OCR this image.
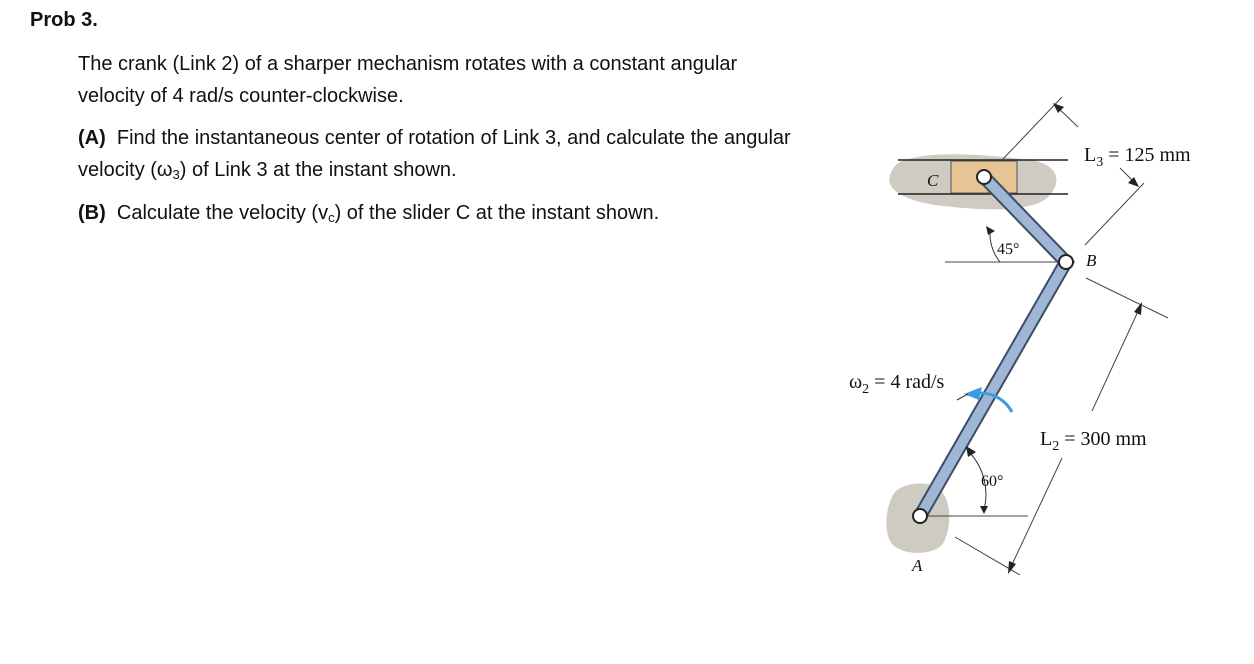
Prob 3.
The crank (Link 2) of a sharper mechanism rotates with a constant angular velocity of 4 rad/s counter-clockwise.
(A) Find the instantaneous center of rotation of Link 3, and calculate the angular velocity $(\omega_3)$ of Link 3 at the instant shown.
(B) Calculate the velocity $(v_c)$ of the slider C at the instant shown.
C
B
A
45°
60°
$\omega_2 = 4$ rad/s
$L_3 = 125$ mm
$L_2 = 300$ mm
